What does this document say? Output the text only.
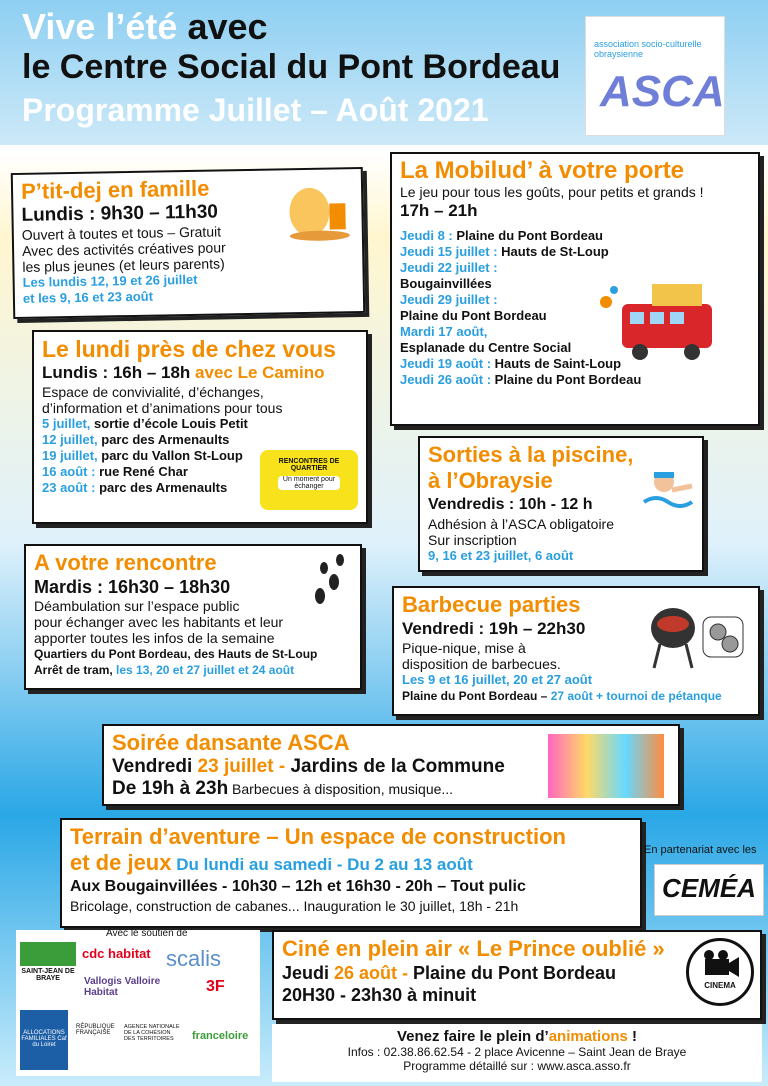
Vive l’été avec
le Centre Social du Pont Bordeau
Programme Juillet – Août 2021
association socio-culturelle obraysienne
ASCA
P’tit-dej en famille
Lundis : 9h30 – 11h30
Ouvert à toutes et tous – Gratuit
Avec des activités créatives pour
les plus jeunes (et leurs parents)
Les lundis 12, 19 et 26 juillet
et les 9, 16 et 23 août
La Mobilud’ à votre porte
Le jeu pour tous les goûts, pour petits et grands !
17h – 21h
Jeudi 8 : Plaine du Pont Bordeau
Jeudi 15 juillet : Hauts de St-Loup
Jeudi 22 juillet :
Bougainvillées
Jeudi 29 juillet :
Plaine du Pont Bordeau
Mardi 17 août,
Esplanade du Centre Social
Jeudi 19 août : Hauts de Saint-Loup
Jeudi 26 août : Plaine du Pont Bordeau
Le lundi près de chez vous
Lundis : 16h – 18h avec Le Camino
Espace de convivialité, d’échanges,
d’information et d’animations pour tous
5 juillet, sortie d’école Louis Petit
12 juillet, parc des Armenaults
19 juillet, parc du Vallon St-Loup
16 août : rue René Char
23 août : parc des Armenaults
RENCONTRES DE QUARTIER
Un moment pour échanger
Sorties à la piscine,
à l’Obraysie
Vendredis : 10h - 12 h
Adhésion à l’ASCA obligatoire
Sur inscription
9, 16 et 23 juillet, 6 août
A votre rencontre
Mardis : 16h30 – 18h30
Déambulation sur l’espace public
pour échanger avec les habitants et leur
apporter toutes les infos de la semaine
Quartiers du Pont Bordeau, des Hauts de St-Loup
Arrêt de tram, les 13, 20 et 27 juillet et 24 août
Barbecue parties
Vendredi : 19h – 22h30
Pique-nique, mise à
disposition de barbecues.
Les 9 et 16 juillet, 20 et 27 août
Plaine du Pont Bordeau – 27 août + tournoi de pétanque
Soirée dansante ASCA
Vendredi 23 juillet - Jardins de la Commune
De 19h à 23h Barbecues à disposition, musique...
Terrain d’aventure – Un espace de construction
et de jeux Du lundi au samedi - Du 2 au 13 août
Aux Bougainvillées - 10h30 – 12h et 16h30 - 20h – Tout pulic
Bricolage, construction de cabanes... Inauguration le 30 juillet, 18h - 21h
En partenariat avec les
CEMÉA
Avec le soutien de
SAINT-JEAN DE BRAYE
cdc habitat scalis
Vallogis Valloire Habitat	3F
ALLOCATIONS FAMILIALES Caf du Loiret
RÉPUBLIQUE FRANÇAISE
AGENCE NATIONALE DE LA COHÉSION DES TERRITOIRES	franceloire
Ciné en plein air « Le Prince oublié »
Jeudi 26 août - Plaine du Pont Bordeau
20H30 - 23h30 à minuit	CINEMA
Venez faire le plein d’animations !
Infos : 02.38.86.62.54 - 2 place Avicenne – Saint Jean de Braye
Programme détaillé sur : www.asca.asso.fr
